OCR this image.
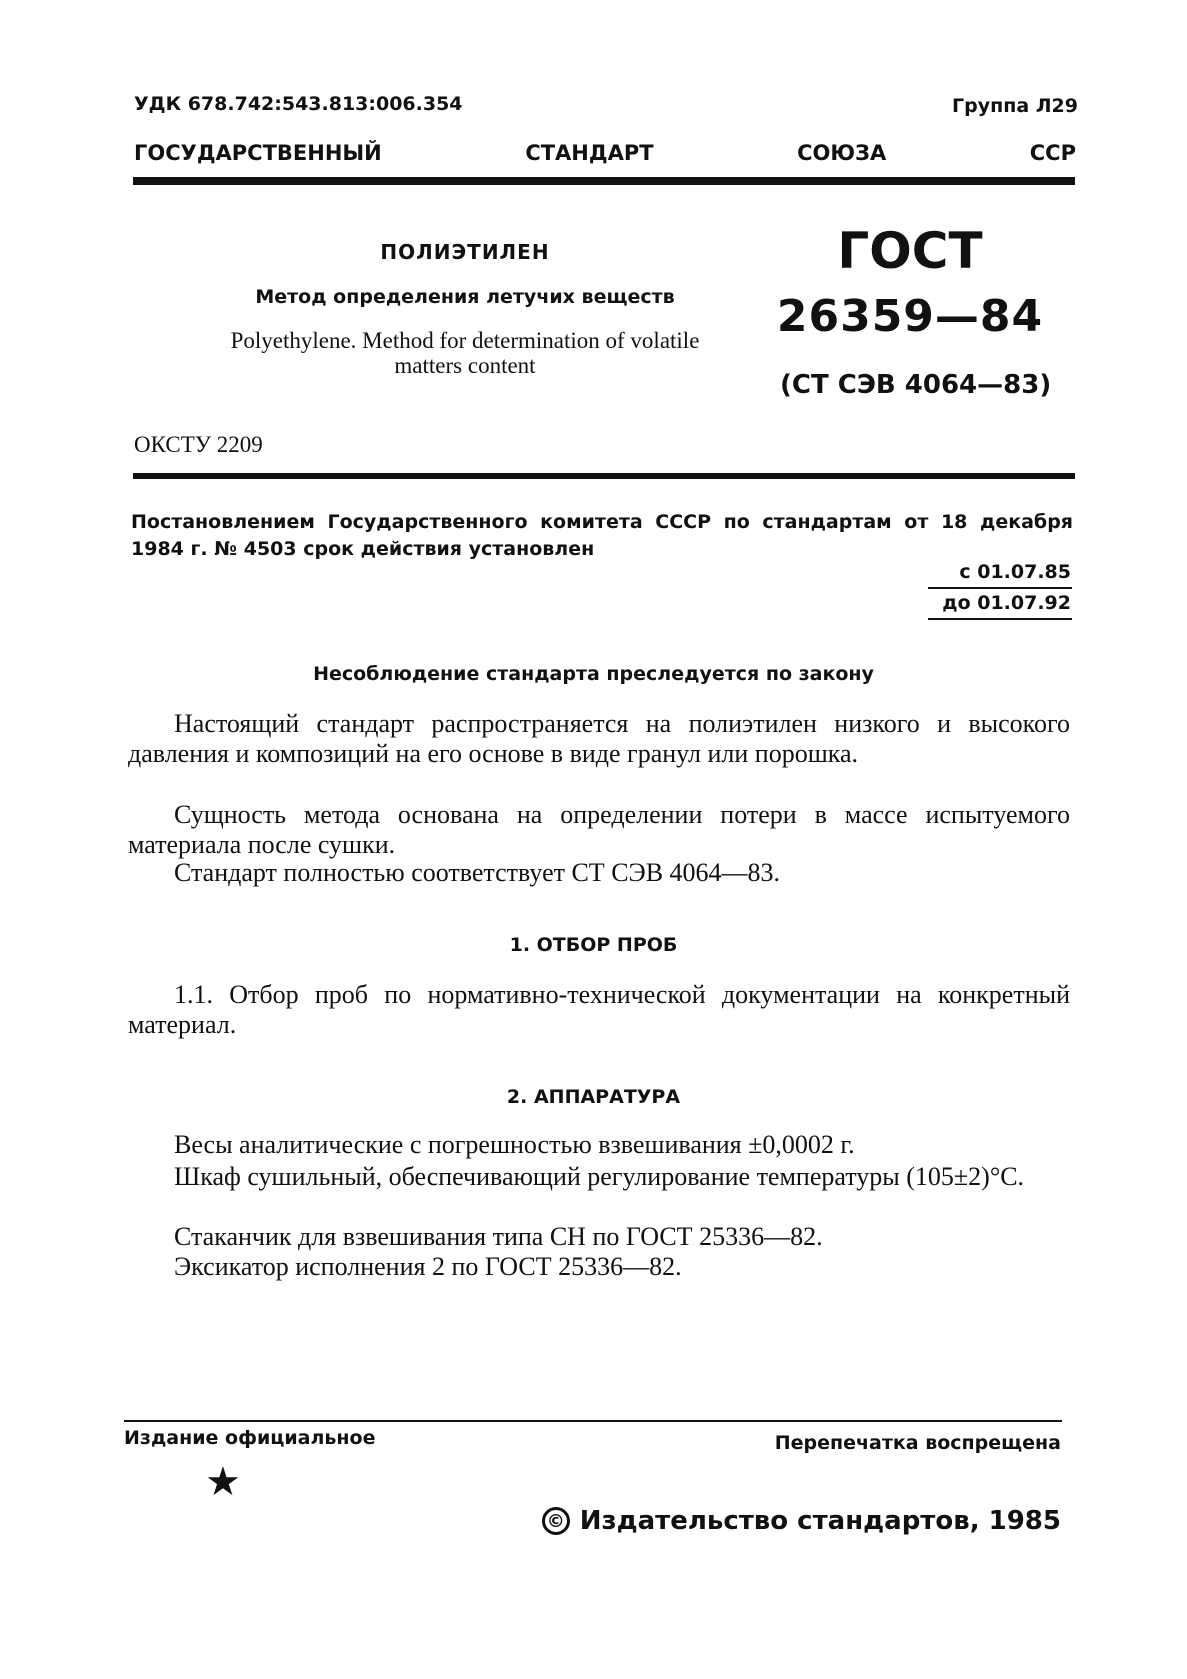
УДК 678.742:543.813:006.354	Группа Л29
ГОСУДАРСТВЕННЫЙ	СТАНДАРТ	СОЮЗА	ССР
ПОЛИЭТИЛЕН
Метод определения летучих веществ
Polyethylene. Method for determination of volatile matters content
ГОСТ
26359—84
(СТ СЭВ 4064—83)
ОКСТУ 2209
Постановлением Государственного комитета СССР по стандартам от 18 декабря 1984 г. № 4503 срок действия установлен
с 01.07.85
до 01.07.92
Несоблюдение стандарта преследуется по закону
Настоящий стандарт распространяется на полиэтилен низкого и высокого давления и композиций на его основе в виде гранул или порошка.
Сущность метода основана на определении потери в массе испытуемого материала после сушки.
Стандарт полностью соответствует СТ СЭВ 4064—83.
1. ОТБОР ПРОБ
1.1. Отбор проб по нормативно-технической документации на конкретный материал.
2. АППАРАТУРА
Весы аналитические с погрешностью взвешивания ±0,0002 г.
Шкаф сушильный, обеспечивающий регулирование температуры (105±2)°С.
Стаканчик для взвешивания типа СН по ГОСТ 25336—82.
Эксикатор исполнения 2 по ГОСТ 25336—82.
Издание официальное	Перепечатка воспрещена
★
© Издательство стандартов, 1985
